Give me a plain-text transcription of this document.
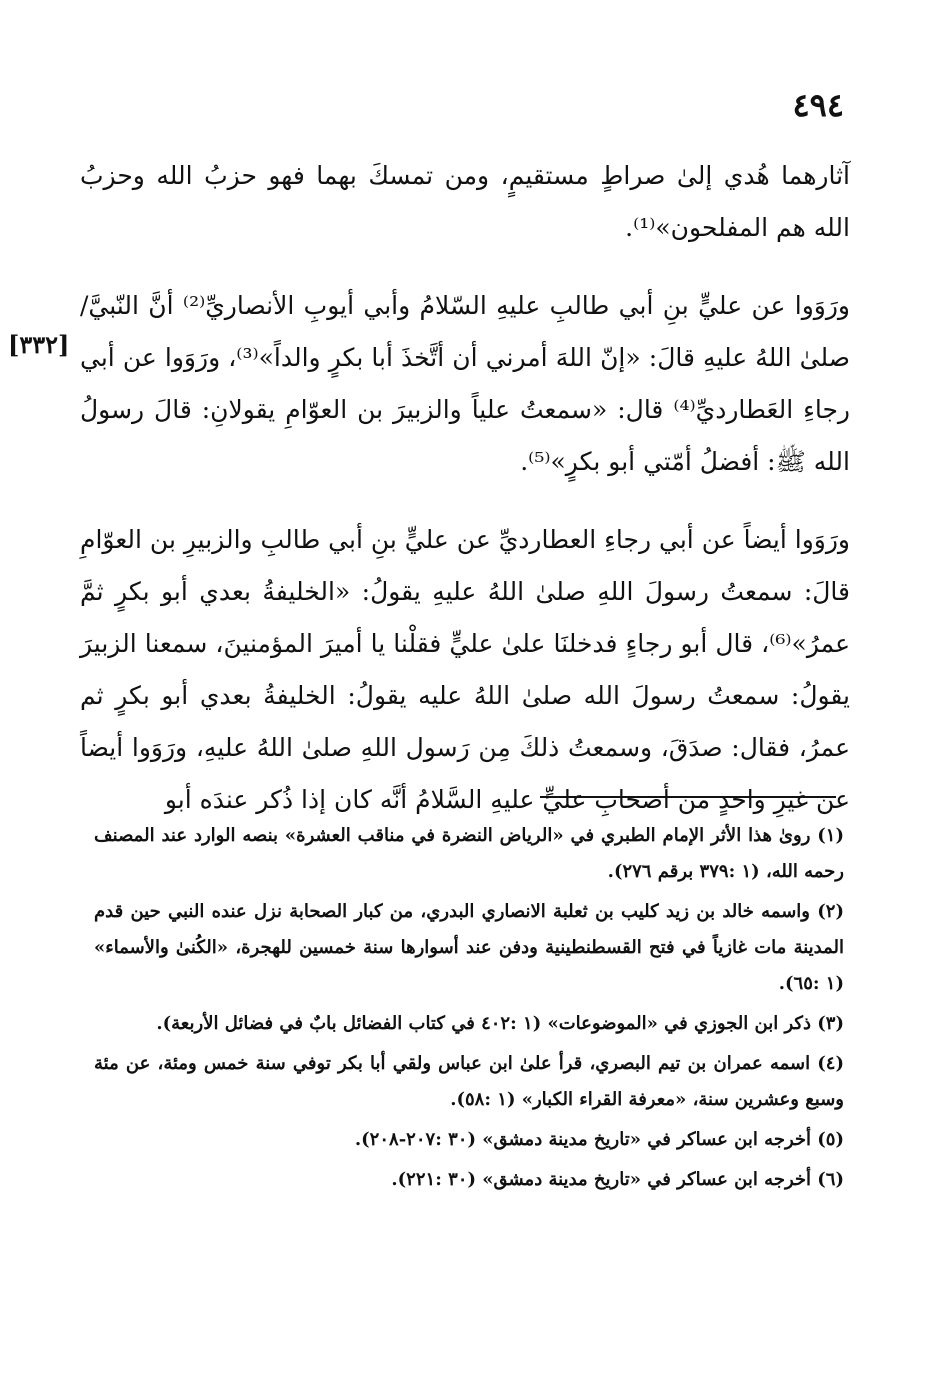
٤٩٤
[٣٣٢]

آثارهما هُدي إلىٰ صراطٍ مستقيمٍ، ومن تمسكَ بهما فهو حزبُ الله وحزبُ الله هم المفلحون»⁽¹⁾.

ورَوَوا عن عليٍّ بنِ أبي طالبِ عليهِ السّلامُ وأبي أيوبِ الأنصاريِّ⁽²⁾ أنَّ النّبيَّ/ صلىٰ اللهُ عليهِ قالَ: «إنّ اللهَ أمرني أن أتَّخذَ أبا بكرٍ والداً»⁽³⁾، ورَوَوا عن أبي رجاءِ العَطارديِّ⁽⁴⁾ قال: «سمعتُ علياً والزبيرَ بن العوّامِ يقولانِ: قالَ رسولُ الله ﷺ: أفضلُ أمّتي أبو بكرٍ»⁽⁵⁾.

ورَوَوا أيضاً عن أبي رجاءِ العطارديِّ عن عليٍّ بنِ أبي طالبِ والزبيرِ بن العوّامِ قالَ: سمعتُ رسولَ اللهِ صلىٰ اللهُ عليهِ يقولُ: «الخليفةُ بعدي أبو بكرٍ ثمَّ عمرُ»⁽⁶⁾، قال أبو رجاءٍ فدخلنَا علىٰ عليٍّ فقلْنا يا أميرَ المؤمنينَ، سمعنا الزبيرَ يقولُ: سمعتُ رسولَ الله صلىٰ اللهُ عليه يقولُ: الخليفةُ بعدي أبو بكرٍ ثم عمرُ، فقال: صدَقَ، وسمعتُ ذلكَ مِن رَسول اللهِ صلىٰ اللهُ عليهِ، ورَوَوا أيضاً عن غيرِ واحدٍ من أصحابِ عليٍّ عليهِ السَّلامُ أنَّه كان إذا ذُكر عندَه أبو

(١) روىٰ هذا الأثر الإمام الطبري في «الرياض النضرة في مناقب العشرة» بنصه الوارد عند المصنف رحمه الله، (١ :٣٧٩ برقم ٢٧٦).
(٢) واسمه خالد بن زيد كليب بن ثعلبة الانصاري البدري، من كبار الصحابة نزل عنده النبي حين قدم المدينة مات غازياً في فتح القسطنطينية ودفن عند أسوارها سنة خمسين للهجرة، «الكُنىٰ والأسماء» (١ :٦٥).
(٣) ذكر ابن الجوزي في «الموضوعات» (١ :٤٠٢ في كتاب الفضائل بابٌ في فضائل الأربعة).
(٤) اسمه عمران بن تيم البصري، قرأ علىٰ ابن عباس ولقي أبا بكر توفي سنة خمس ومئة، عن مئة وسبع وعشرين سنة، «معرفة القراء الكبار» (١ :٥٨).
(٥) أخرجه ابن عساكر في «تاريخ مدينة دمشق» (٣٠ :٢٠٧-٢٠٨).
(٦) أخرجه ابن عساكر في «تاريخ مدينة دمشق» (٣٠ :٢٢١).
